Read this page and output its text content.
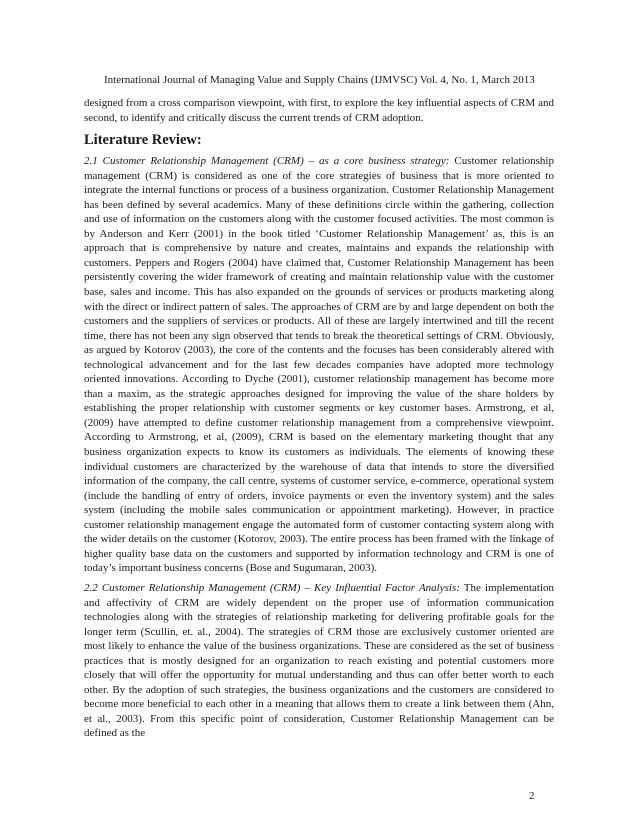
International Journal of Managing Value and Supply Chains (IJMVSC) Vol. 4, No. 1, March 2013

designed from a cross comparison viewpoint, with first, to explore the key influential aspects of CRM and second, to identify and critically discuss the current trends of CRM adoption.

Literature Review:

2.1 Customer Relationship Management (CRM) – as a core business strategy: Customer relationship management (CRM) is considered as one of the core strategies of business that is more oriented to integrate the internal functions or process of a business organization. Customer Relationship Management has been defined by several academics. Many of these definitions circle within the gathering, collection and use of information on the customers along with the customer focused activities. The most common is by Anderson and Kerr (2001) in the book titled ‘Customer Relationship Management’ as, this is an approach that is comprehensive by nature and creates, maintains and expands the relationship with customers. Peppers and Rogers (2004) have claimed that, Customer Relationship Management has been persistently covering the wider framework of creating and maintain relationship value with the customer base, sales and income. This has also expanded on the grounds of services or products marketing along with the direct or indirect pattern of sales. The approaches of CRM are by and large dependent on both the customers and the suppliers of services or products. All of these are largely intertwined and till the recent time, there has not been any sign observed that tends to break the theoretical settings of CRM. Obviously, as argued by Kotorov (2003), the core of the contents and the focuses has been considerably altered with technological advancement and for the last few decades companies have adopted more technology oriented innovations. According to Dyche (2001), customer relationship management has become more than a maxim, as the strategic approaches designed for improving the value of the share holders by establishing the proper relationship with customer segments or key customer bases. Armstrong, et al, (2009) have attempted to define customer relationship management from a comprehensive viewpoint. According to Armstrong, et al, (2009), CRM is based on the elementary marketing thought that any business organization expects to know its customers as individuals. The elements of knowing these individual customers are characterized by the warehouse of data that intends to store the diversified information of the company, the call centre, systems of customer service, e-commerce, operational system (include the handling of entry of orders, invoice payments or even the inventory system) and the sales system (including the mobile sales communication or appointment marketing). However, in practice customer relationship management engage the automated form of customer contacting system along with the wider details on the customer (Kotorov, 2003). The entire process has been framed with the linkage of higher quality base data on the customers and supported by information technology and CRM is one of today’s important business concerns (Bose and Sugumaran, 2003).

2.2 Customer Relationship Management (CRM) – Key Influential Factor Analysis: The implementation and affectivity of CRM are widely dependent on the proper use of information communication technologies along with the strategies of relationship marketing for delivering profitable goals for the longer term (Scullin, et. al., 2004). The strategies of CRM those are exclusively customer oriented are most likely to enhance the value of the business organizations. These are considered as the set of business practices that is mostly designed for an organization to reach existing and potential customers more closely that will offer the opportunity for mutual understanding and thus can offer better worth to each other. By the adoption of such strategies, the business organizations and the customers are considered to become more beneficial to each other in a meaning that allows them to create a link between them (Ahn, et al., 2003). From this specific point of consideration, Customer Relationship Management can be defined as the

2
